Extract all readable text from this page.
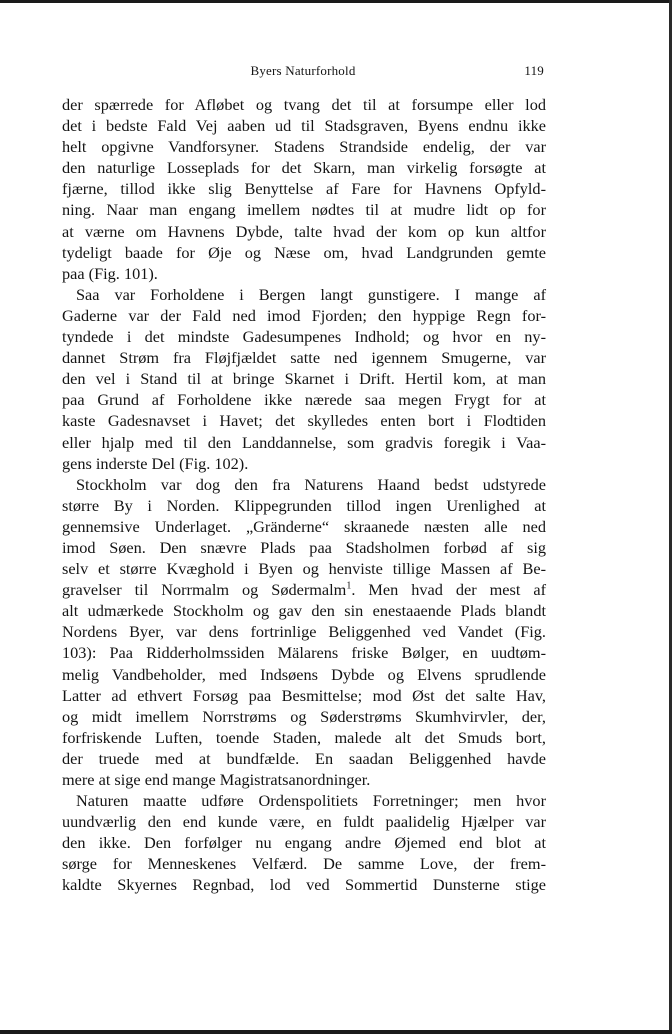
Byers Naturforhold	119
der spærrede for Afløbet og tvang det til at forsumpe eller lod
det i bedste Fald Vej aaben ud til Stadsgraven, Byens endnu ikke
helt opgivne Vandforsyner. Stadens Strandside endelig, der var
den naturlige Losseplads for det Skarn, man virkelig forsøgte at
fjærne, tillod ikke slig Benyttelse af Fare for Havnens Opfyld-
ning. Naar man engang imellem nødtes til at mudre lidt op for
at værne om Havnens Dybde, talte hvad der kom op kun altfor
tydeligt baade for Øje og Næse om, hvad Landgrunden gemte
paa (Fig. 101).
Saa var Forholdene i Bergen langt gunstigere. I mange af
Gaderne var der Fald ned imod Fjorden; den hyppige Regn for-
tyndede i det mindste Gadesumpenes Indhold; og hvor en ny-
dannet Strøm fra Fløjfjældet satte ned igennem Smugerne, var
den vel i Stand til at bringe Skarnet i Drift. Hertil kom, at man
paa Grund af Forholdene ikke nærede saa megen Frygt for at
kaste Gadesnavset i Havet; det skylledes enten bort i Flodtiden
eller hjalp med til den Landdannelse, som gradvis foregik i Vaa-
gens inderste Del (Fig. 102).
Stockholm var dog den fra Naturens Haand bedst udstyrede
større By i Norden. Klippegrunden tillod ingen Urenlighed at
gennemsive Underlaget. „Gränderne“ skraanede næsten alle ned
imod Søen. Den snævre Plads paa Stadsholmen forbød af sig
selv et større Kvæghold i Byen og henviste tillige Massen af Be-
gravelser til Norrmalm og Sødermalm$^1$. Men hvad der mest af
alt udmærkede Stockholm og gav den sin enestaaende Plads blandt
Nordens Byer, var dens fortrinlige Beliggenhed ved Vandet (Fig.
103): Paa Ridderholmssiden Mälarens friske Bølger, en uudtøm-
melig Vandbeholder, med Indsøens Dybde og Elvens sprudlende
Latter ad ethvert Forsøg paa Besmittelse; mod Øst det salte Hav,
og midt imellem Norrstrøms og Søderstrøms Skumhvirvler, der,
forfriskende Luften, toende Staden, malede alt det Smuds bort,
der truede med at bundfælde. En saadan Beliggenhed havde
mere at sige end mange Magistratsanordninger.
Naturen maatte udføre Ordenspolitiets Forretninger; men hvor
uundværlig den end kunde være, en fuldt paalidelig Hjælper var
den ikke. Den forfølger nu engang andre Øjemed end blot at
sørge for Menneskenes Velfærd. De samme Love, der frem-
kaldte Skyernes Regnbad, lod ved Sommertid Dunsterne stige
